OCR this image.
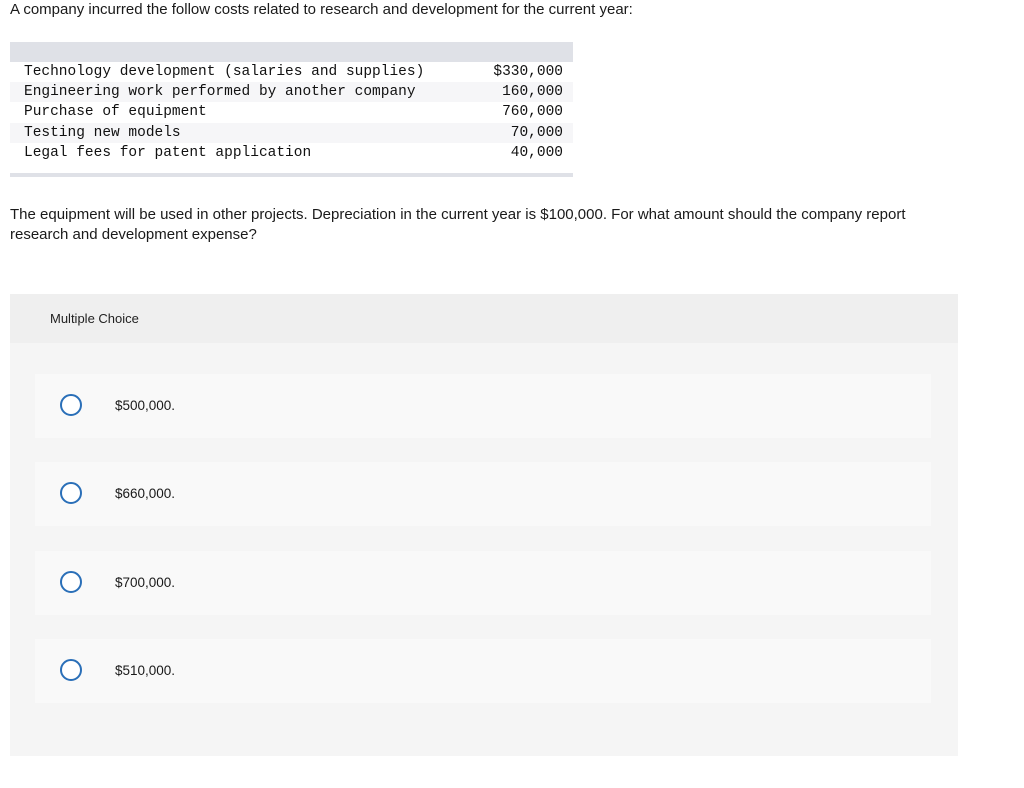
A company incurred the follow costs related to research and development for the current year:
Technology development (salaries and supplies)	$330,000
Engineering work performed by another company	160,000
Purchase of equipment	760,000
Testing new models	70,000
Legal fees for patent application	40,000
The equipment will be used in other projects. Depreciation in the current year is $100,000. For what amount should the company report research and development expense?
Multiple Choice
$500,000.
$660,000.
$700,000.
$510,000.
